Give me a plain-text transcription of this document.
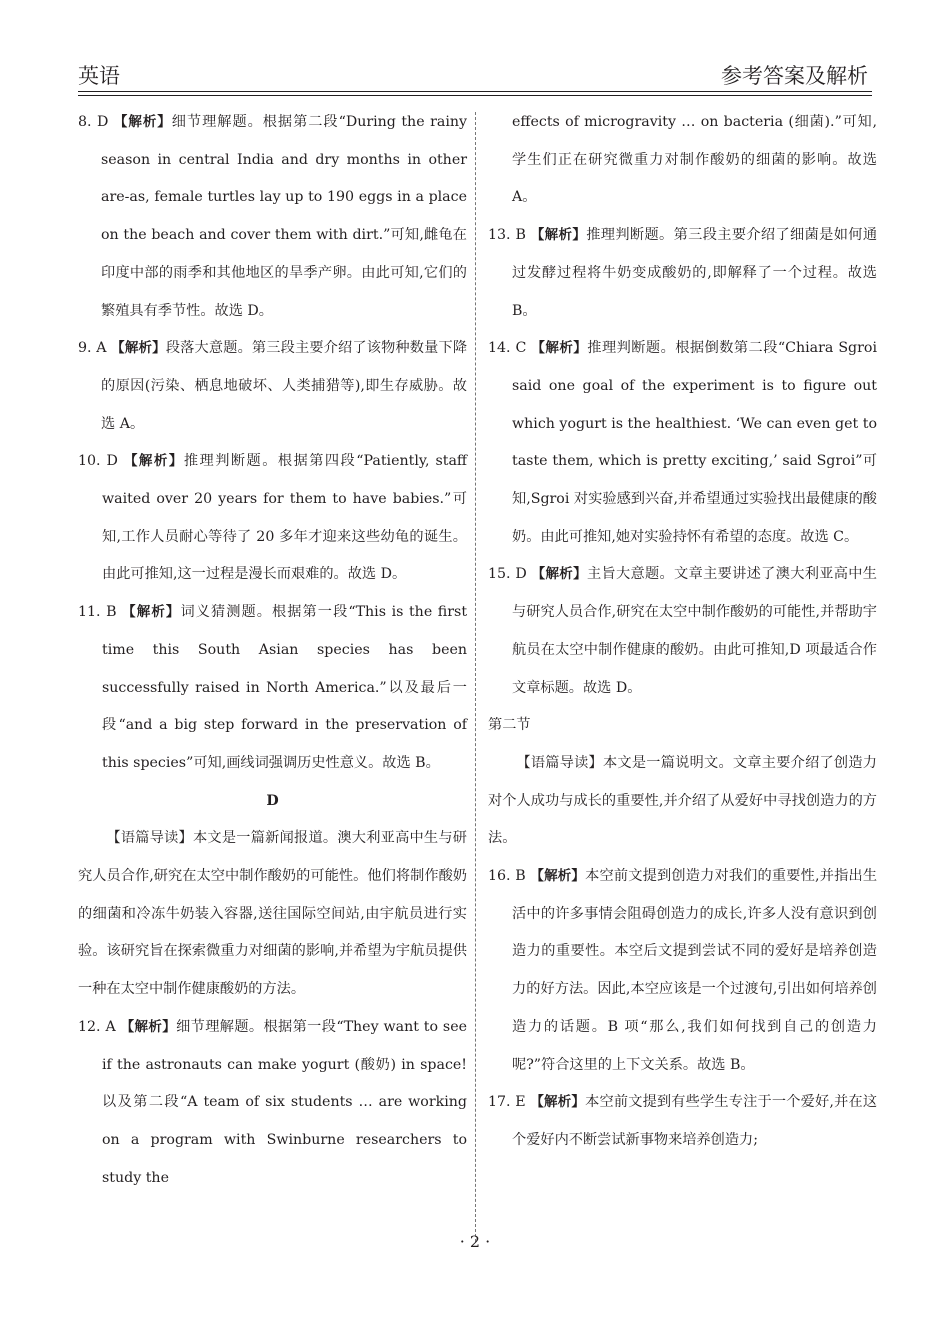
英语	参考答案及解析

8. D 【解析】细节理解题。根据第二段“During the rainy season in central India and dry months in other are-as, female turtles lay up to 190 eggs in a place on the beach and cover them with dirt.”可知,雌龟在印度中部的雨季和其他地区的旱季产卵。由此可知,它们的繁殖具有季节性。故选 D。

9. A 【解析】段落大意题。第三段主要介绍了该物种数量下降的原因(污染、栖息地破坏、人类捕猎等),即生存威胁。故选 A。

10. D 【解析】推理判断题。根据第四段“Patiently, staff waited over 20 years for them to have babies.”可知,工作人员耐心等待了 20 多年才迎来这些幼龟的诞生。由此可推知,这一过程是漫长而艰难的。故选 D。

11. B 【解析】词义猜测题。根据第一段“This is the first time this South Asian species has been successfully raised in North America.”以及最后一段“and a big step forward in the preservation of this species”可知,画线词强调历史性意义。故选 B。

D

【语篇导读】本文是一篇新闻报道。澳大利亚高中生与研究人员合作,研究在太空中制作酸奶的可能性。他们将制作酸奶的细菌和冷冻牛奶装入容器,送往国际空间站,由宇航员进行实验。该研究旨在探索微重力对细菌的影响,并希望为宇航员提供一种在太空中制作健康酸奶的方法。

12. A 【解析】细节理解题。根据第一段“They want to see if the astronauts can make yogurt (酸奶) in space! 以及第二段“A team of six students … are working on a program with Swinburne researchers to study the

effects of microgravity … on bacteria (细菌).”可知,学生们正在研究微重力对制作酸奶的细菌的影响。故选 A。

13. B 【解析】推理判断题。第三段主要介绍了细菌是如何通过发酵过程将牛奶变成酸奶的,即解释了一个过程。故选 B。

14. C 【解析】推理判断题。根据倒数第二段“Chiara Sgroi said one goal of the experiment is to figure out which yogurt is the healthiest. ‘We can even get to taste them, which is pretty exciting,’ said Sgroi”可知,Sgroi 对实验感到兴奋,并希望通过实验找出最健康的酸奶。由此可推知,她对实验持怀有希望的态度。故选 C。

15. D 【解析】主旨大意题。文章主要讲述了澳大利亚高中生与研究人员合作,研究在太空中制作酸奶的可能性,并帮助宇航员在太空中制作健康的酸奶。由此可推知,D 项最适合作文章标题。故选 D。

第二节

【语篇导读】本文是一篇说明文。文章主要介绍了创造力对个人成功与成长的重要性,并介绍了从爱好中寻找创造力的方法。

16. B 【解析】本空前文提到创造力对我们的重要性,并指出生活中的许多事情会阻碍创造力的成长,许多人没有意识到创造力的重要性。本空后文提到尝试不同的爱好是培养创造力的好方法。因此,本空应该是一个过渡句,引出如何培养创造力的话题。B 项“那么,我们如何找到自己的创造力呢?”符合这里的上下文关系。故选 B。

17. E 【解析】本空前文提到有些学生专注于一个爱好,并在这个爱好内不断尝试新事物来培养创造力;

· 2 ·
